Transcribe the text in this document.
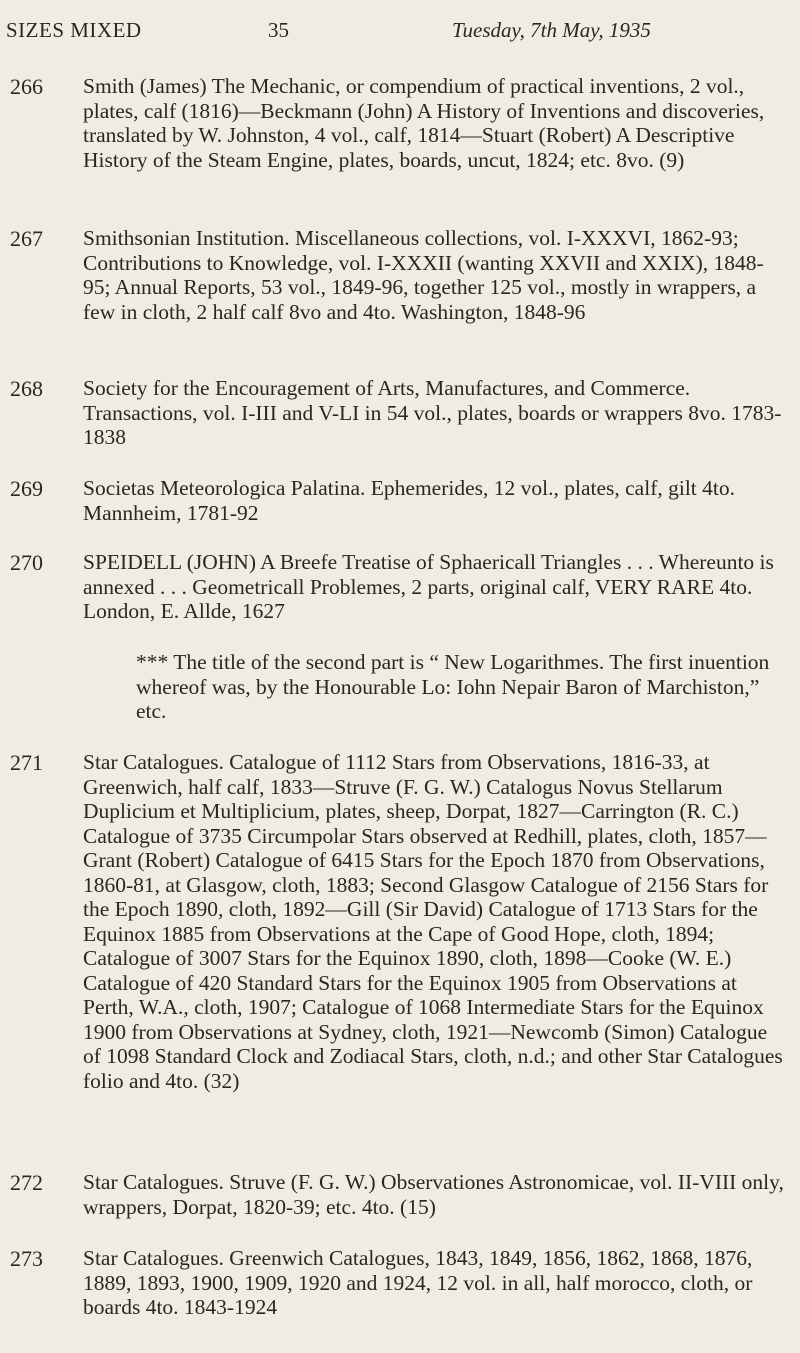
SIZES MIXED	35	Tuesday, 7th May, 1935
266	Smith (James) The Mechanic, or compendium of practical inventions, 2 vol., plates, calf (1816)—Beckmann (John) A History of Inventions and discoveries, translated by W. Johnston, 4 vol., calf, 1814—Stuart (Robert) A Descriptive History of the Steam Engine, plates, boards, uncut, 1824; etc. 8vo. (9)

267	Smithsonian Institution. Miscellaneous collections, vol. I-XXXVI, 1862-93; Contributions to Knowledge, vol. I-XXXII (wanting XXVII and XXIX), 1848-95; Annual Reports, 53 vol., 1849-96, together 125 vol., mostly in wrappers, a few in cloth, 2 half calf 8vo and 4to. Washington, 1848-96

268	Society for the Encouragement of Arts, Manufactures, and Commerce. Transactions, vol. I-III and V-LI in 54 vol., plates, boards or wrappers 8vo. 1783-1838

269	Societas Meteorologica Palatina. Ephemerides, 12 vol., plates, calf, gilt 4to. Mannheim, 1781-92

270	SPEIDELL (JOHN) A Breefe Treatise of Sphaericall Triangles . . . Whereunto is annexed . . . Geometricall Problemes, 2 parts, original calf, VERY RARE 4to. London, E. Allde, 1627

*** The title of the second part is “ New Logarithmes. The first inuention whereof was, by the Honourable Lo: Iohn Nepair Baron of Marchiston,” etc.

271	Star Catalogues. Catalogue of 1112 Stars from Observations, 1816-33, at Greenwich, half calf, 1833—Struve (F. G. W.) Catalogus Novus Stellarum Duplicium et Multiplicium, plates, sheep, Dorpat, 1827—Carrington (R. C.) Catalogue of 3735 Circumpolar Stars observed at Redhill, plates, cloth, 1857—Grant (Robert) Catalogue of 6415 Stars for the Epoch 1870 from Observations, 1860-81, at Glasgow, cloth, 1883; Second Glasgow Catalogue of 2156 Stars for the Epoch 1890, cloth, 1892—Gill (Sir David) Catalogue of 1713 Stars for the Equinox 1885 from Observations at the Cape of Good Hope, cloth, 1894; Catalogue of 3007 Stars for the Equinox 1890, cloth, 1898—Cooke (W. E.) Catalogue of 420 Standard Stars for the Equinox 1905 from Observations at Perth, W.A., cloth, 1907; Catalogue of 1068 Intermediate Stars for the Equinox 1900 from Observations at Sydney, cloth, 1921—Newcomb (Simon) Catalogue of 1098 Standard Clock and Zodiacal Stars, cloth, n.d.; and other Star Catalogues folio and 4to. (32)

272	Star Catalogues. Struve (F. G. W.) Observationes Astronomicae, vol. II-VIII only, wrappers, Dorpat, 1820-39; etc. 4to. (15)

273	Star Catalogues. Greenwich Catalogues, 1843, 1849, 1856, 1862, 1868, 1876, 1889, 1893, 1900, 1909, 1920 and 1924, 12 vol. in all, half morocco, cloth, or boards 4to. 1843-1924
